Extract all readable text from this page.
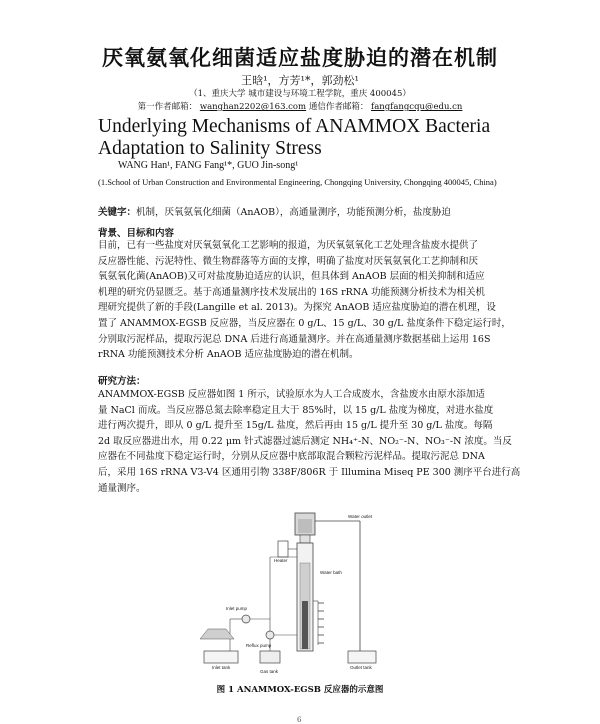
厌氧氨氧化细菌适应盐度胁迫的潜在机制
王晗¹，方芳¹*，郭劲松¹
（1、重庆大学 城市建设与环境工程学院，重庆 400045）
第一作者邮箱： wanghan2202@163.com 通信作者邮箱： fangfangcqu@edu.cn
Underlying Mechanisms of ANAMMOX Bacteria Adaptation to Salinity Stress
WANG Han¹, FANG Fang¹*, GUO Jin-song¹
(1.School of Urban Construction and Environmental Engineering, Chongqing University, Chongqing 400045, China)
关键字：机制，厌氧氨氧化细菌（AnAOB），高通量测序，功能预测分析，盐度胁迫
背景、目标和内容
目前，已有一些盐度对厌氧氨氧化工艺影响的报道，为厌氧氨氧化工艺处理含盐废水提供了
反应器性能、污泥特性、微生物群落等方面的支撑，明确了盐度对厌氧氨氧化工艺抑制和厌
氧氨氧化菌(AnAOB)又可对盐度胁迫适应的认识，但具体到 AnAOB 层面的相关抑制和适应
机理的研究仍显匮乏。基于高通量测序技术发展出的 16S rRNA 功能预测分析技术为相关机
理研究提供了新的手段(Langille et al. 2013)。为探究 AnAOB 适应盐度胁迫的潜在机理，设
置了 ANAMMOX-EGSB 反应器，当反应器在 0 g/L、15 g/L、30 g/L 盐度条件下稳定运行时，
分别取污泥样品，提取污泥总 DNA 后进行高通量测序。并在高通量测序数据基础上运用 16S
rRNA 功能预测技术分析 AnAOB 适应盐度胁迫的潜在机制。
研究方法：
ANAMMOX-EGSB 反应器如图 1 所示，试验原水为人工合成废水，含盐废水由原水添加适
量 NaCl 而成。当反应器总氮去除率稳定且大于 85%时，以 15 g/L 盐度为梯度，对进水盐度
进行两次提升，即从 0 g/L 提升至 15g/L 盐度，然后再由 15 g/L 提升至 30 g/L 盐度。每隔
2d 取反应器进出水，用 0.22 μm 针式滤器过滤后测定 NH₄⁺-N、NO₂⁻-N、NO₃⁻-N 浓度。当反
应器在不同盐度下稳定运行时，分别从反应器中底部取混合颗粒污泥样品。提取污泥总 DNA
后，采用 16S rRNA V3-V4 区通用引物 338F/806R 于 Illumina Miseq PE 300 测序平台进行高
通量测序。
Water outlet
Heater
Water bath
Reflux pump
Inlet pump
Inlet tank
Gas tank
Outlet tank
图 1 ANAMMOX-EGSB 反应器的示意图
6
